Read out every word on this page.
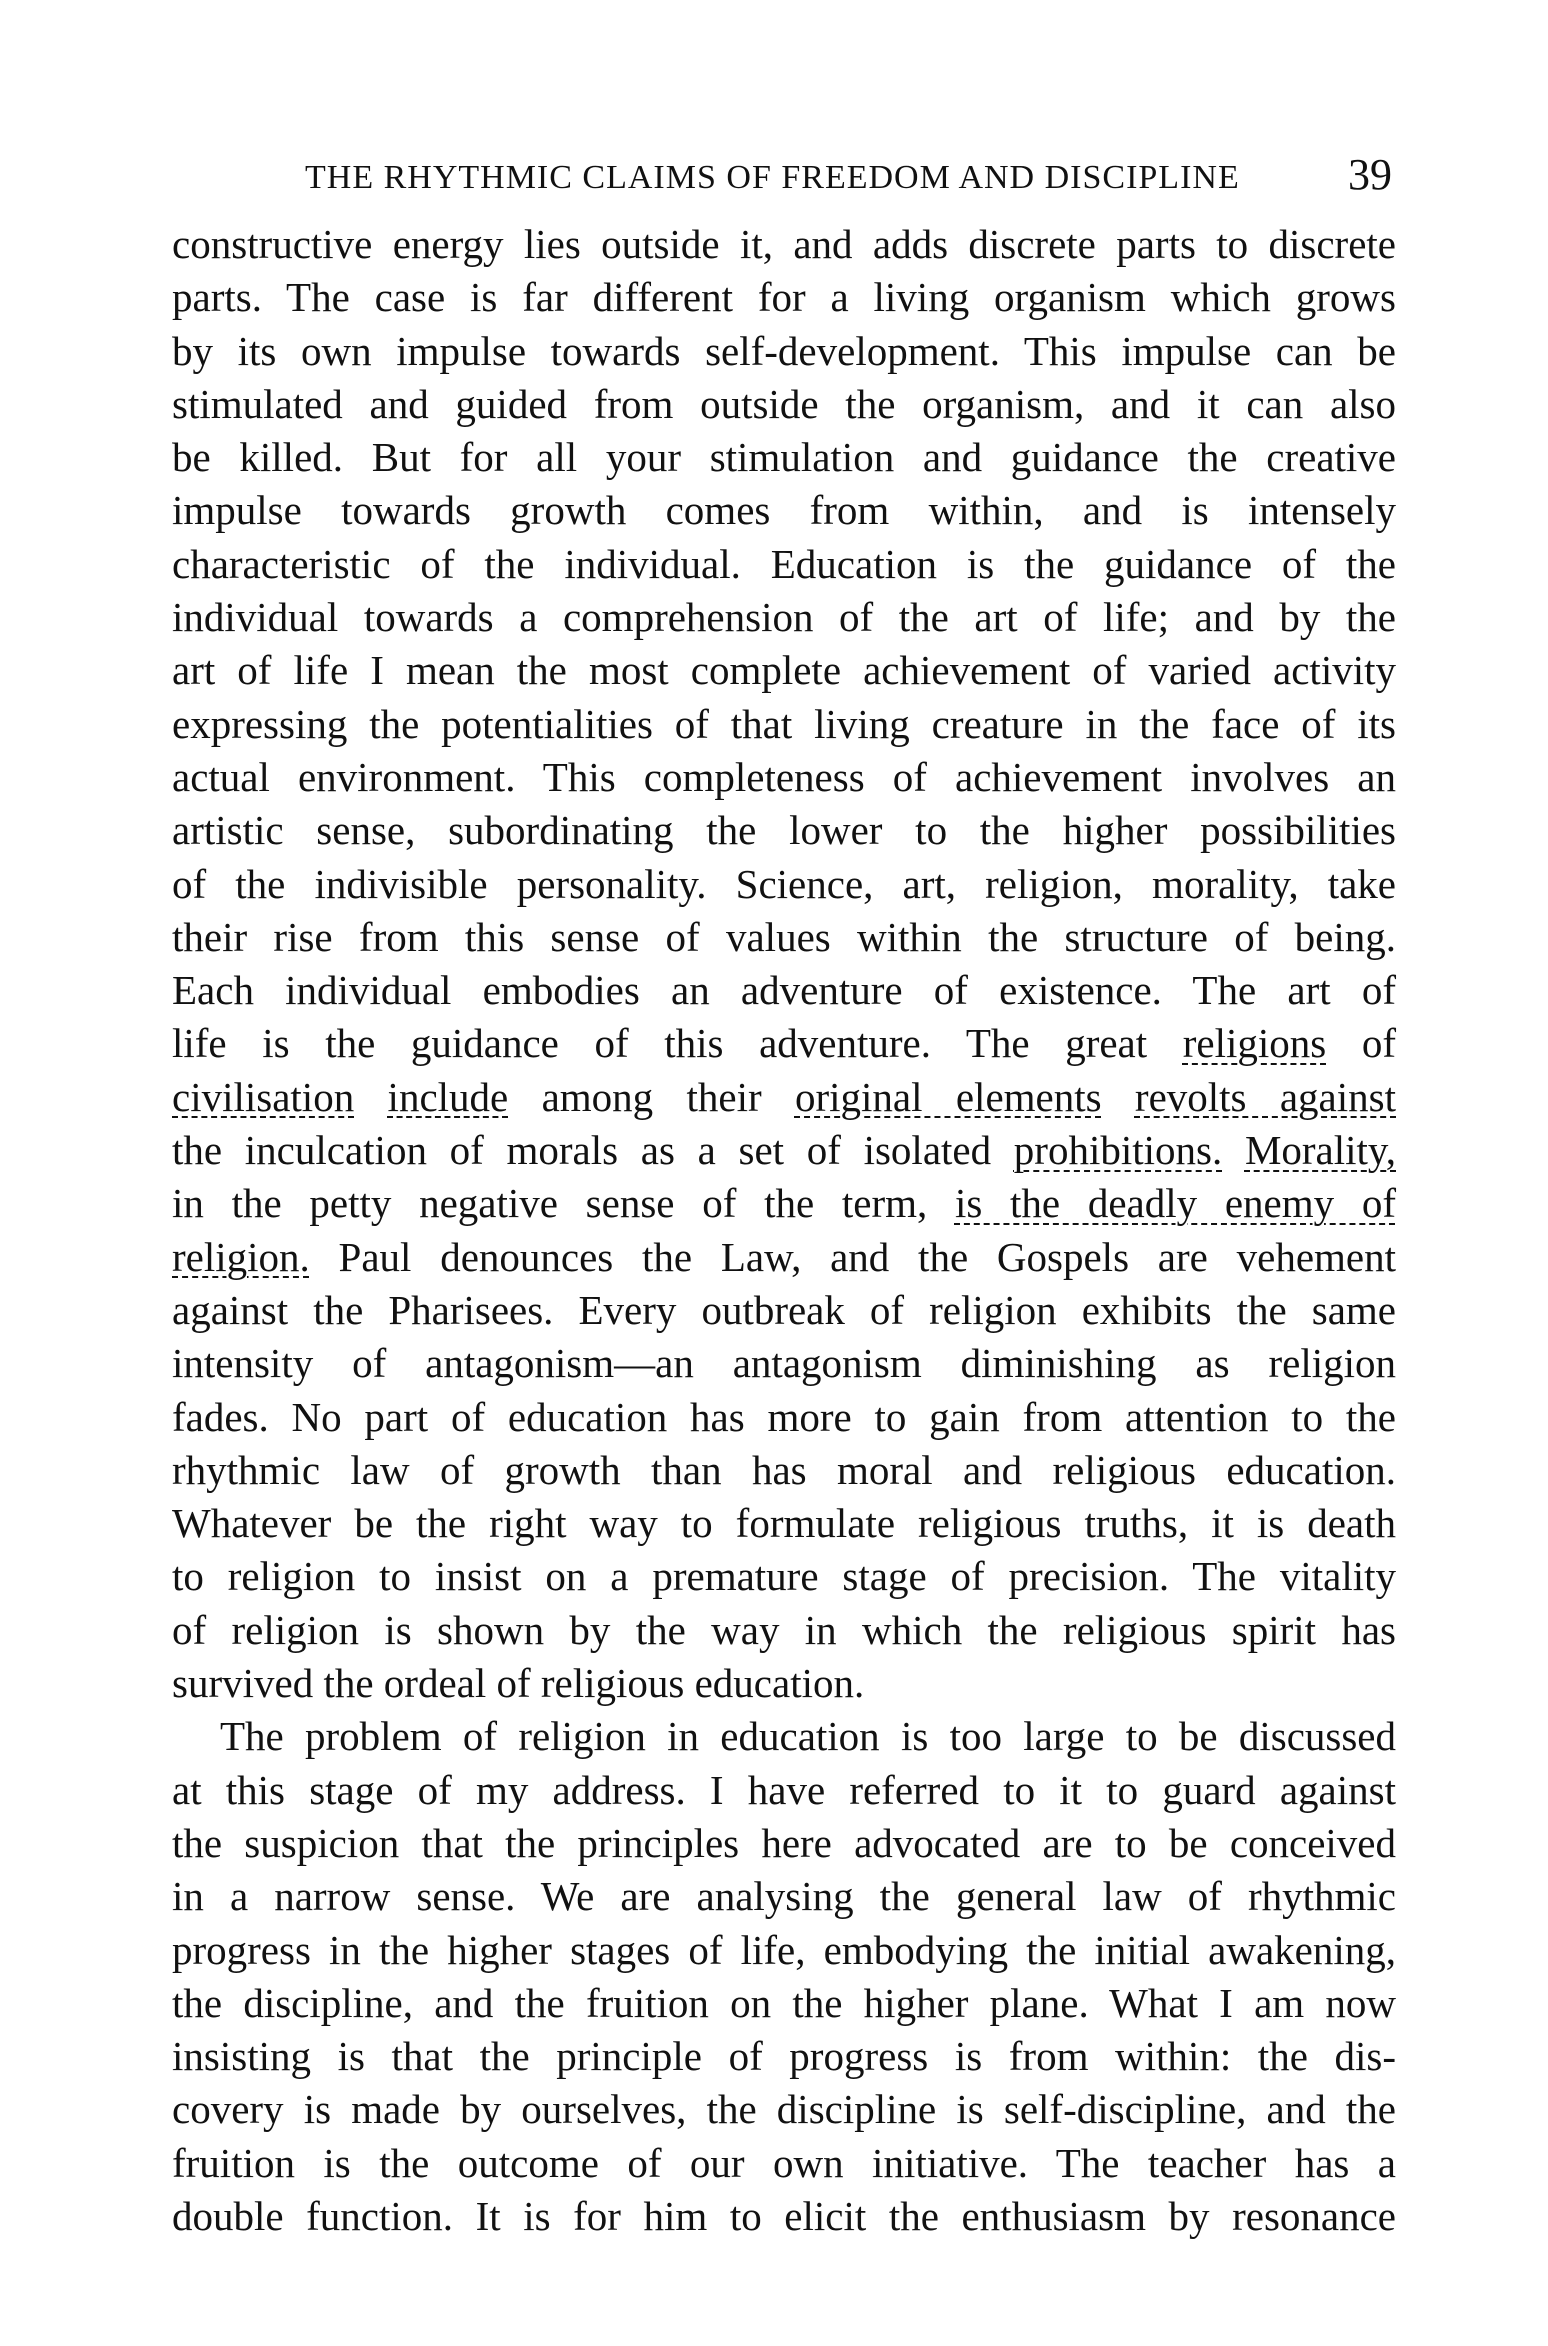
THE RHYTHMIC CLAIMS OF FREEDOM AND DISCIPLINE 39
constructive energy lies outside it, and adds discrete parts to discrete
parts. The case is far different for a living organism which grows
by its own impulse towards self-development. This impulse can be
stimulated and guided from outside the organism, and it can also
be killed. But for all your stimulation and guidance the creative
impulse towards growth comes from within, and is intensely
characteristic of the individual. Education is the guidance of the
individual towards a comprehension of the art of life; and by the
art of life I mean the most complete achievement of varied activity
expressing the potentialities of that living creature in the face of its
actual environment. This completeness of achievement involves an
artistic sense, subordinating the lower to the higher possibilities
of the indivisible personality. Science, art, religion, morality, take
their rise from this sense of values within the structure of being.
Each individual embodies an adventure of existence. The art of
life is the guidance of this adventure. The great religions of
civilisation include among their original elements revolts against
the inculcation of morals as a set of isolated prohibitions. Morality,
in the petty negative sense of the term, is the deadly enemy of
religion. Paul denounces the Law, and the Gospels are vehement
against the Pharisees. Every outbreak of religion exhibits the same
intensity of antagonism—an antagonism diminishing as religion
fades. No part of education has more to gain from attention to the
rhythmic law of growth than has moral and religious education.
Whatever be the right way to formulate religious truths, it is death
to religion to insist on a premature stage of precision. The vitality
of religion is shown by the way in which the religious spirit has
survived the ordeal of religious education.
The problem of religion in education is too large to be discussed
at this stage of my address. I have referred to it to guard against
the suspicion that the principles here advocated are to be conceived
in a narrow sense. We are analysing the general law of rhythmic
progress in the higher stages of life, embodying the initial awakening,
the discipline, and the fruition on the higher plane. What I am now
insisting is that the principle of progress is from within: the dis-
covery is made by ourselves, the discipline is self-discipline, and the
fruition is the outcome of our own initiative. The teacher has a
double function. It is for him to elicit the enthusiasm by resonance
